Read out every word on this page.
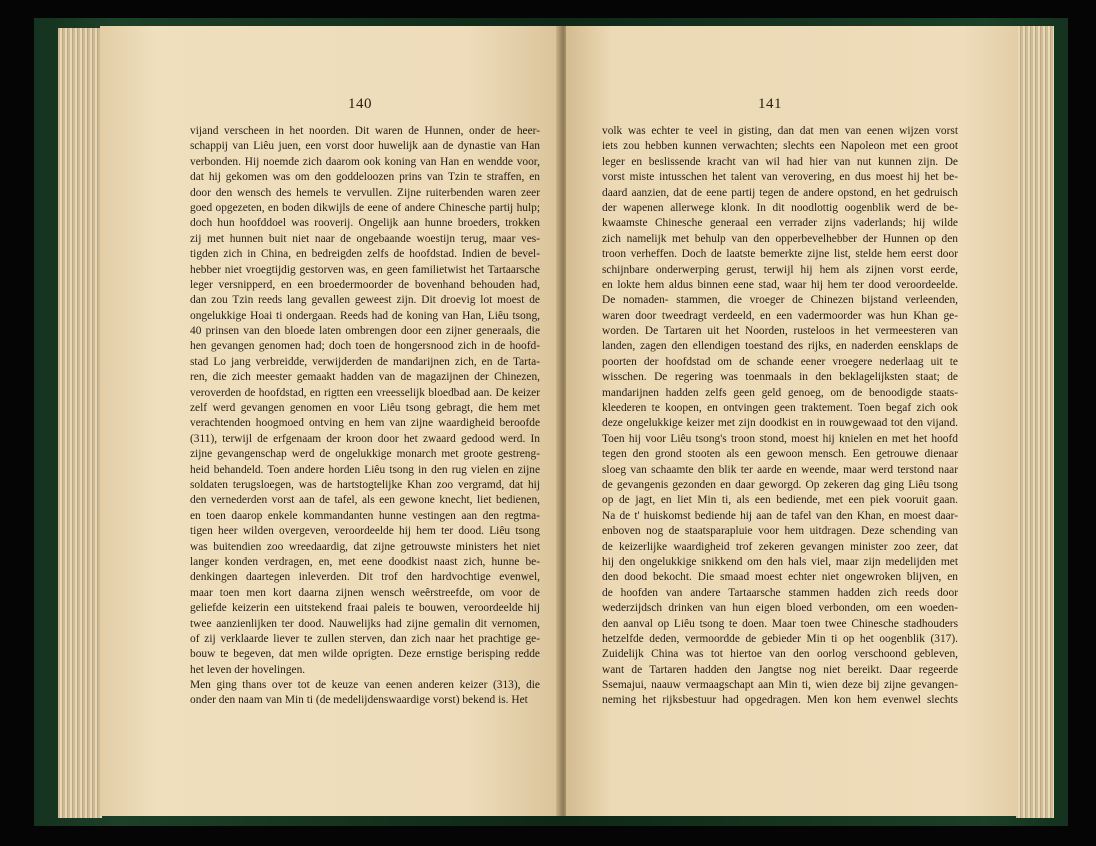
140
vijand verscheen in het noorden. Dit waren de Hunnen, onder de heer-
schappij van Liêu juen, een vorst door huwelijk aan de dynastie van Han
verbonden. Hij noemde zich daarom ook koning van Han en wendde voor,
dat hij gekomen was om den goddeloozen prins van Tzin te straffen, en
door den wensch des hemels te vervullen. Zijne ruiterbenden waren zeer
goed opgezeten, en boden dikwijls de eene of andere Chinesche partij hulp;
doch hun hoofddoel was rooverij. Ongelijk aan hunne broeders, trokken
zij met hunnen buit niet naar de ongebaande woestijn terug, maar ves-
tigden zich in China, en bedreigden zelfs de hoofdstad. Indien de bevel-
hebber niet vroegtijdig gestorven was, en geen familietwist het Tartaarsche
leger versnipperd, en een broedermoorder de bovenhand behouden had,
dan zou Tzin reeds lang gevallen geweest zijn. Dit droevig lot moest de
ongelukkige Hoai ti ondergaan. Reeds had de koning van Han, Liêu tsong,
40 prinsen van den bloede laten ombrengen door een zijner generaals, die
hen gevangen genomen had; doch toen de hongersnood zich in de hoofd-
stad Lo jang verbreidde, verwijderden de mandarijnen zich, en de Tarta-
ren, die zich meester gemaakt hadden van de magazijnen der Chinezen,
veroverden de hoofdstad, en rigtten een vreesselijk bloedbad aan. De keizer
zelf werd gevangen genomen en voor Liêu tsong gebragt, die hem met
verachtenden hoogmoed ontving en hem van zijne waardigheid beroofde
(311), terwijl de erfgenaam der kroon door het zwaard gedood werd. In
zijne gevangenschap werd de ongelukkige monarch met groote gestreng-
heid behandeld. Toen andere horden Liêu tsong in den rug vielen en zijne
soldaten terugsloegen, was de hartstogtelijke Khan zoo vergramd, dat hij
den vernederden vorst aan de tafel, als een gewone knecht, liet bedienen,
en toen daarop enkele kommandanten hunne vestingen aan den regtma-
tigen heer wilden overgeven, veroordeelde hij hem ter dood. Liêu tsong
was buitendien zoo wreedaardig, dat zijne getrouwste ministers het niet
langer konden verdragen, en, met eene doodkist naast zich, hunne be-
denkingen daartegen inleverden. Dit trof den hardvochtige evenwel,
maar toen men kort daarna zijnen wensch weêrstreefde, om voor de
geliefde keizerin een uitstekend fraai paleis te bouwen, veroordeelde hij
twee aanzienlijken ter dood. Nauwelijks had zijne gemalin dit vernomen,
of zij verklaarde liever te zullen sterven, dan zich naar het prachtige ge-
bouw te begeven, dat men wilde oprigten. Deze ernstige berisping redde
het leven der hovelingen.
Men ging thans over tot de keuze van eenen anderen keizer (313), die
onder den naam van Min ti (de medelijdenswaardige vorst) bekend is. Het
141
volk was echter te veel in gisting, dan dat men van eenen wijzen vorst
iets zou hebben kunnen verwachten; slechts een Napoleon met een groot
leger en beslissende kracht van wil had hier van nut kunnen zijn. De
vorst miste intusschen het talent van verovering, en dus moest hij het be-
daard aanzien, dat de eene partij tegen de andere opstond, en het gedruisch
der wapenen allerwege klonk. In dit noodlottig oogenblik werd de be-
kwaamste Chinesche generaal een verrader zijns vaderlands; hij wilde
zich namelijk met behulp van den opperbevelhebber der Hunnen op den
troon verheffen. Doch de laatste bemerkte zijne list, stelde hem eerst door
schijnbare onderwerping gerust, terwijl hij hem als zijnen vorst eerde,
en lokte hem aldus binnen eene stad, waar hij hem ter dood veroordeelde.
De nomaden- stammen, die vroeger de Chinezen bijstand verleenden,
waren door tweedragt verdeeld, en een vadermoorder was hun Khan ge-
worden. De Tartaren uit het Noorden, rusteloos in het vermeesteren van
landen, zagen den ellendigen toestand des rijks, en naderden eensklaps de
poorten der hoofdstad om de schande eener vroegere nederlaag uit te
wisschen. De regering was toenmaals in den beklagelijksten staat; de
mandarijnen hadden zelfs geen geld genoeg, om de benoodigde staats-
kleederen te koopen, en ontvingen geen traktement. Toen begaf zich ook
deze ongelukkige keizer met zijn doodkist en in rouwgewaad tot den vijand.
Toen hij voor Liêu tsong's troon stond, moest hij knielen en met het hoofd
tegen den grond stooten als een gewoon mensch. Een getrouwe dienaar
sloeg van schaamte den blik ter aarde en weende, maar werd terstond naar
de gevangenis gezonden en daar geworgd. Op zekeren dag ging Liêu tsong
op de jagt, en liet Min ti, als een bediende, met een piek vooruit gaan.
Na de t' huiskomst bediende hij aan de tafel van den Khan, en moest daar-
enboven nog de staatsparapluie voor hem uitdragen. Deze schending van
de keizerlijke waardigheid trof zekeren gevangen minister zoo zeer, dat
hij den ongelukkige snikkend om den hals viel, maar zijn medelijden met
den dood bekocht. Die smaad moest echter niet ongewroken blijven, en
de hoofden van andere Tartaarsche stammen hadden zich reeds door
wederzijdsch drinken van hun eigen bloed verbonden, om een woeden-
den aanval op Liêu tsong te doen. Maar toen twee Chinesche stadhouders
hetzelfde deden, vermoordde de gebieder Min ti op het oogenblik (317).
Zuidelijk China was tot hiertoe van den oorlog verschoond gebleven,
want de Tartaren hadden den Jangtse nog niet bereikt. Daar regeerde
Ssemajui, naauw vermaagschapt aan Min ti, wien deze bij zijne gevangen-
neming het rijksbestuur had opgedragen. Men kon hem evenwel slechts
